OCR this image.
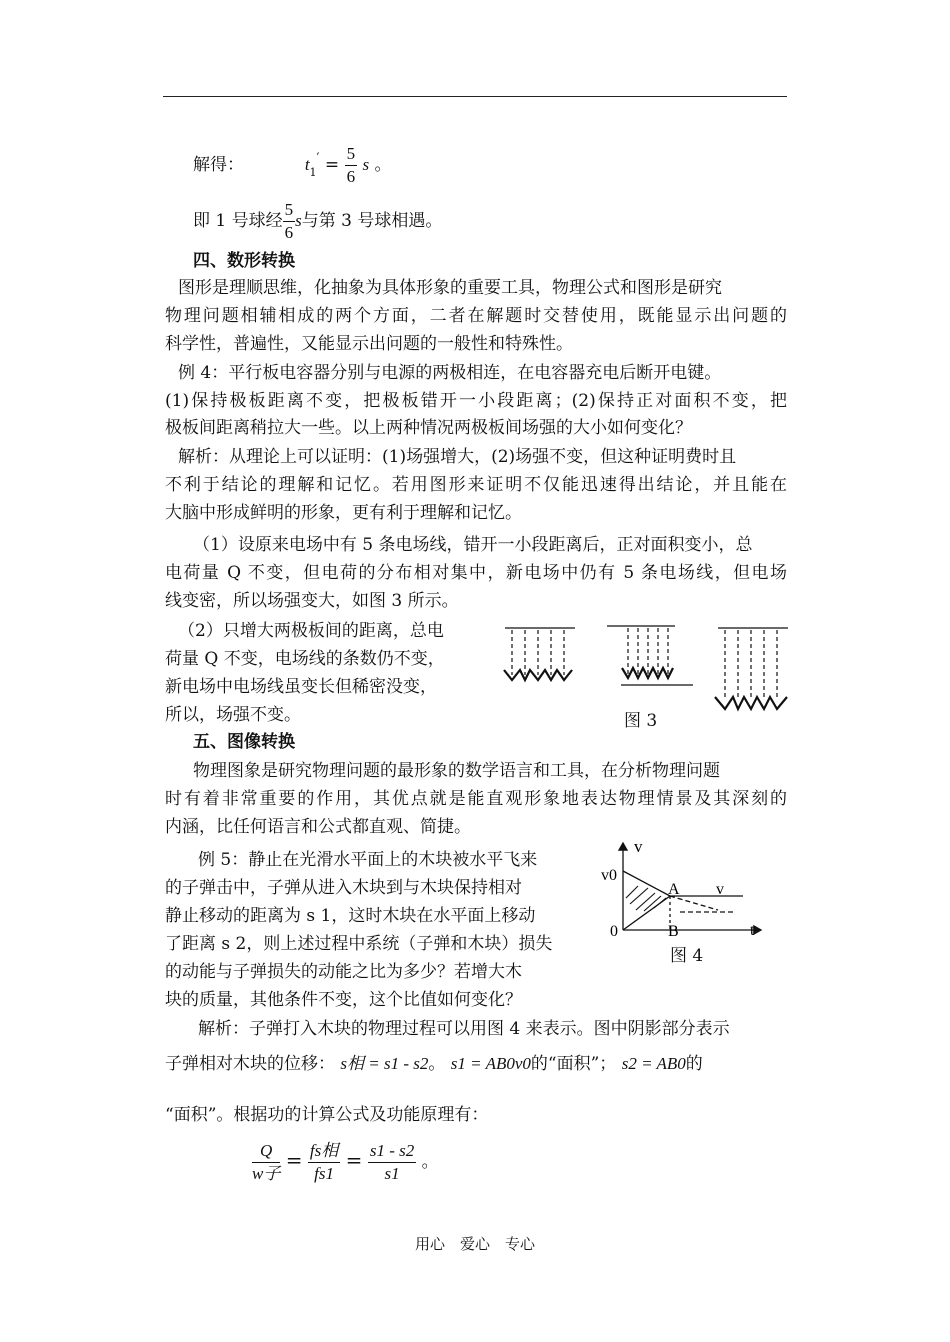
解得：	$t_1' = \frac{5}{6}$ s 。
即 1 号球经 $\frac{5}{6}$ s与第 3 号球相遇。
四、数形转换
图形是理顺思维，化抽象为具体形象的重要工具，物理公式和图形是研究
物理问题相辅相成的两个方面，二者在解题时交替使用，既能显示出问题的
科学性，普遍性，又能显示出问题的一般性和特殊性。
例 4：平行板电容器分别与电源的两极相连，在电容器充电后断开电键。
(1)保持极板距离不变，把极板错开一小段距离；(2)保持正对面积不变，把
极板间距离稍拉大一些。以上两种情况两极板间场强的大小如何变化？
解析：从理论上可以证明：(1)场强增大，(2)场强不变，但这种证明费时且
不利于结论的理解和记忆。若用图形来证明不仅能迅速得出结论，并且能在
大脑中形成鲜明的形象，更有利于理解和记忆。
（1）设原来电场中有 5 条电场线，错开一小段距离后，正对面积变小，总
电荷量 Q 不变，但电荷的分布相对集中，新电场中仍有 5 条电场线，但电场
线变密，所以场强变大，如图 3 所示。
（2）只增大两极板间的距离，总电
荷量 Q 不变，电场线的条数仍不变，
新电场中电场线虽变长但稀密没变，
所以，场强不变。	图 3
五、图像转换
物理图象是研究物理问题的最形象的数学语言和工具，在分析物理问题
时有着非常重要的作用，其优点就是能直观形象地表达物理情景及其深刻的
内涵，比任何语言和公式都直观、简捷。
例 5：静止在光滑水平面上的木块被水平飞来
的子弹击中，子弹从进入木块到与木块保持相对
静止移动的距离为 s 1，这时木块在水平面上移动
了距离 s 2，则上述过程中系统（子弹和木块）损失
的动能与子弹损失的动能之比为多少？若增大木
块的质量，其他条件不变，这个比值如何变化？
v
v0
A v
0	B	t
图 4
解析：子弹打入木块的物理过程可以用图 4 来表示。图中阴影部分表示
子弹相对木块的位移： s相 = s1 - s2。 s1 = AB0v0的“面积”； s2 = AB0的
“面积”。根据功的计算公式及功能原理有：
$\frac{Q}{\text{w子}} = \frac{\text{fs相}}{fs1} = \frac{s1 - s2}{s1}$ 。
用心　爱心　专心
